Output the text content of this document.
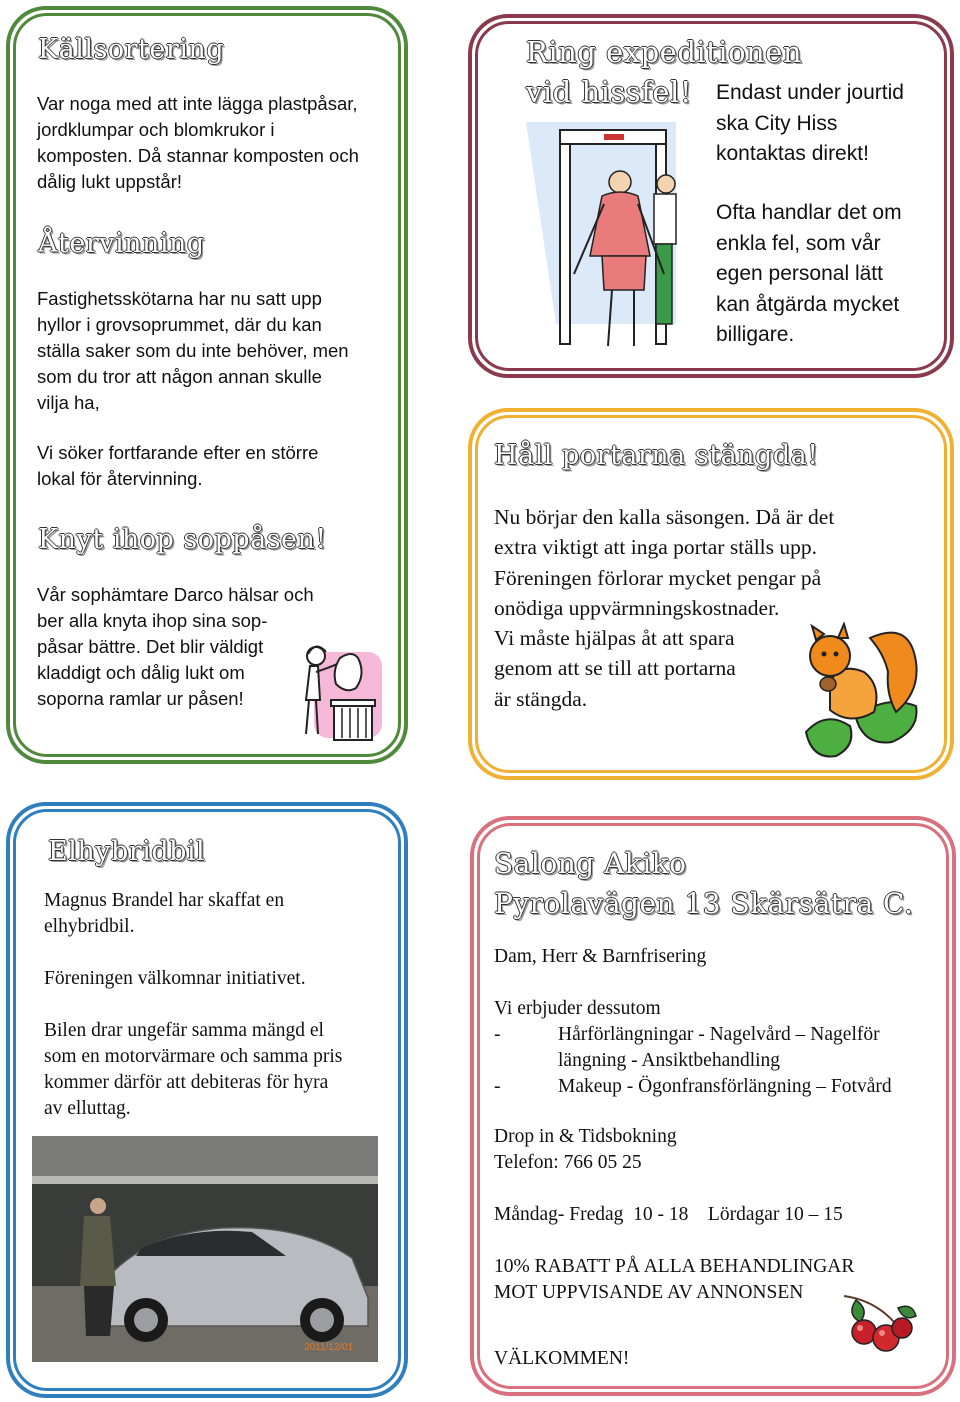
Källsortering
Var noga med att inte lägga plastpåsar,
jordklumpar och blomkrukor i
komposten. Då stannar komposten och
dålig lukt uppstår!
Återvinning
Fastighetsskötarna har nu satt upp
hyllor i grovsoprummet, där du kan
ställa saker som du inte behöver, men
som du tror att någon annan skulle
vilja ha,
Vi söker fortfarande efter en större
lokal för återvinning.
Knyt ihop soppåsen!
Vår sophämtare Darco hälsar och
ber alla knyta ihop sina sop-
påsar bättre. Det blir väldigt
kladdigt och dålig lukt om
soporna ramlar ur påsen!
Ring expeditionen
vid hissfel!	Endast under jourtid
ska City Hiss
kontaktas direkt!
Ofta handlar det om
enkla fel, som vår
egen personal lätt
kan åtgärda mycket
billigare.
Håll portarna stängda!
Nu börjar den kalla säsongen. Då är det
extra viktigt att inga portar ställs upp.
Föreningen förlorar mycket pengar på
onödiga uppvärmningskostnader.
Vi måste hjälpas åt att spara
genom att se till att portarna
är stängda.
Elhybridbil
Magnus Brandel har skaffat en
elhybridbil.
Föreningen välkomnar initiativet.
Bilen drar ungefär samma mängd el
som en motorvärmare och samma pris
kommer därför att debiteras för hyra
av elluttag.
2011/12/01
Salong Akiko
Pyrolavägen 13 Skärsätra C.
Dam, Herr & Barnfrisering
Vi erbjuder dessutom
-	Hårförlängningar - Nagelvård – Nagelför
längning - Ansiktbehandling
-	Makeup - Ögonfransförlängning – Fotvård
Drop in & Tidsbokning
Telefon: 766 05 25
Måndag- Fredag  10 - 18    Lördagar 10 – 15
10% RABATT PÅ ALLA BEHANDLINGAR
MOT UPPVISANDE AV ANNONSEN
VÄLKOMMEN!
